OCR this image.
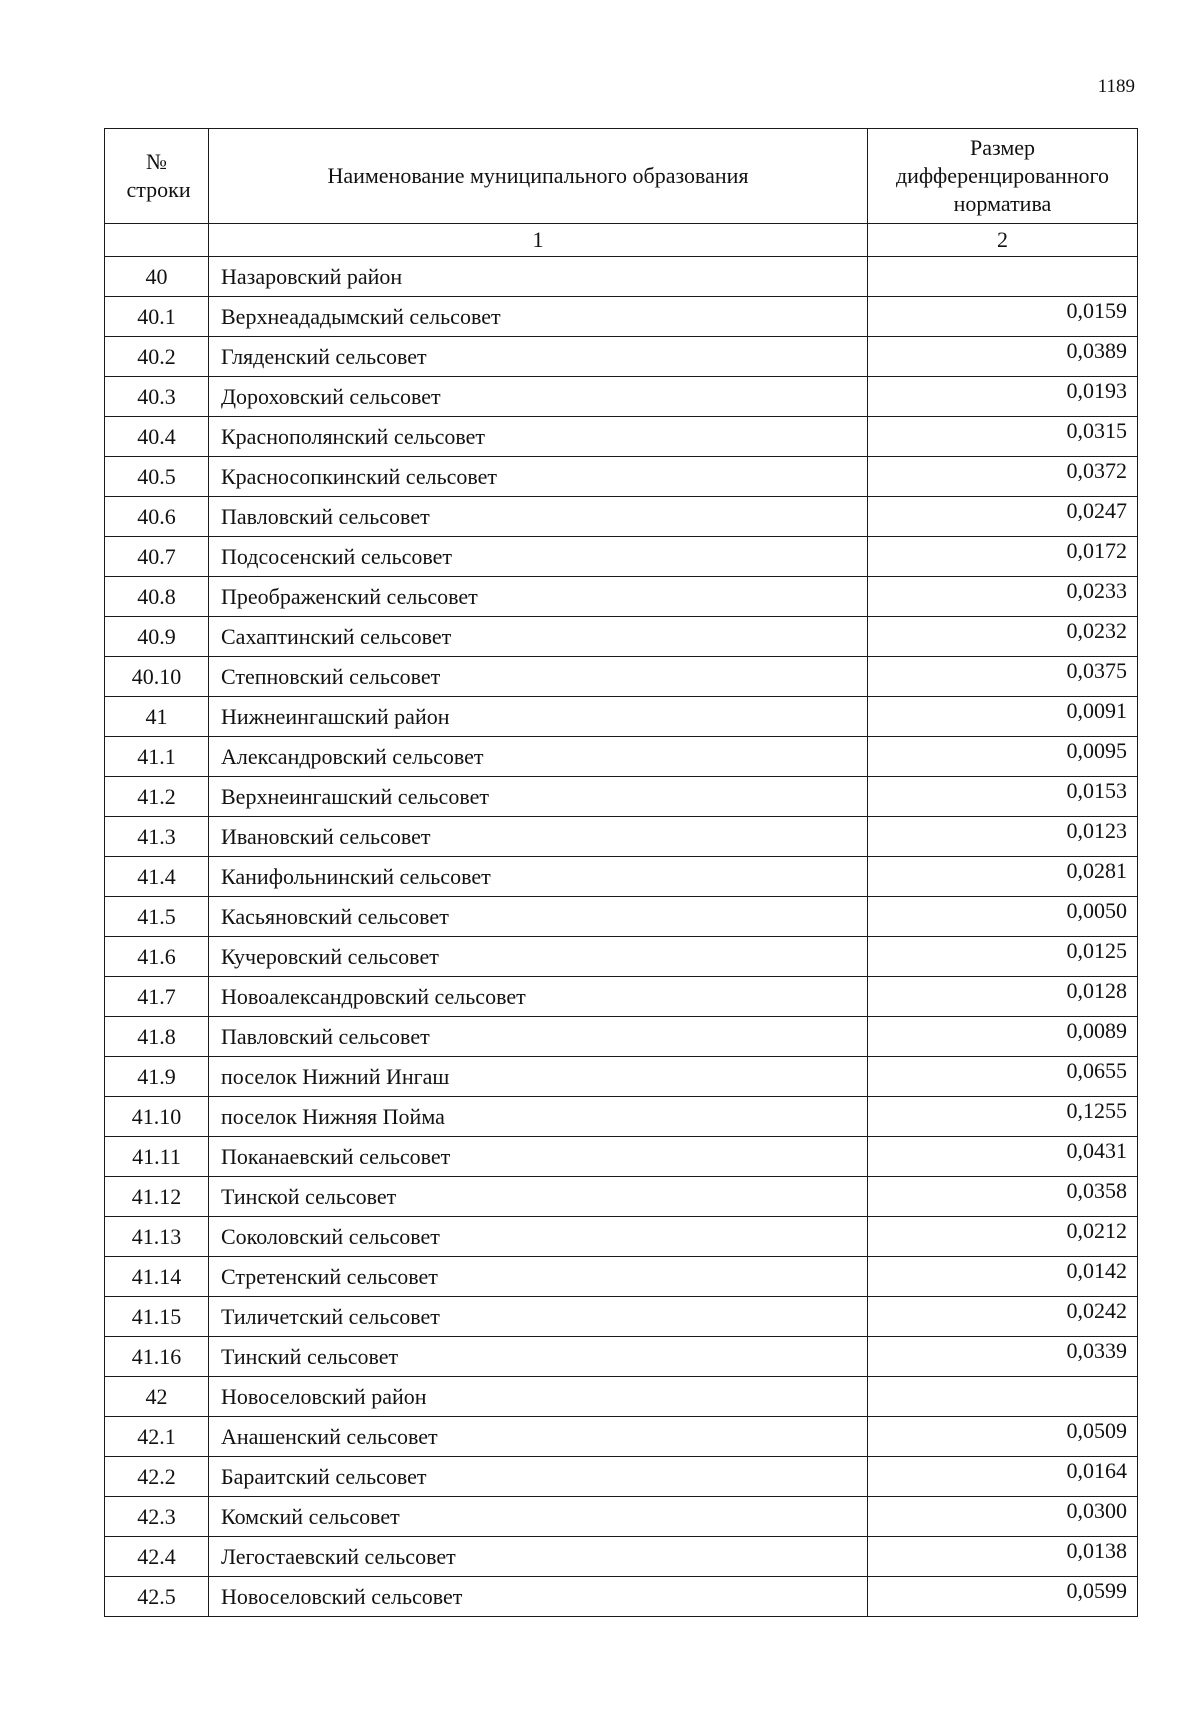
1189
№ строки	Наименование муниципального образования	Размер дифференцированного норматива

	1	2
40	Назаровский район	
40.1	Верхнеададымский сельсовет	0,0159
40.2	Гляденский сельсовет	0,0389
40.3	Дороховский сельсовет	0,0193
40.4	Краснополянский сельсовет	0,0315
40.5	Красносопкинский сельсовет	0,0372
40.6	Павловский сельсовет	0,0247
40.7	Подсосенский сельсовет	0,0172
40.8	Преображенский сельсовет	0,0233
40.9	Сахаптинский сельсовет	0,0232
40.10	Степновский сельсовет	0,0375
41	Нижнеингашский район	0,0091
41.1	Александровский сельсовет	0,0095
41.2	Верхнеингашский сельсовет	0,0153
41.3	Ивановский сельсовет	0,0123
41.4	Канифольнинский сельсовет	0,0281
41.5	Касьяновский сельсовет	0,0050
41.6	Кучеровский сельсовет	0,0125
41.7	Новоалександровский сельсовет	0,0128
41.8	Павловский сельсовет	0,0089
41.9	поселок Нижний Ингаш	0,0655
41.10	поселок Нижняя Пойма	0,1255
41.11	Поканаевский сельсовет	0,0431
41.12	Тинской сельсовет	0,0358
41.13	Соколовский сельсовет	0,0212
41.14	Стретенский сельсовет	0,0142
41.15	Тиличетский сельсовет	0,0242
41.16	Тинский сельсовет	0,0339
42	Новоселовский район	
42.1	Анашенский сельсовет	0,0509
42.2	Бараитский сельсовет	0,0164
42.3	Комский сельсовет	0,0300
42.4	Легостаевский сельсовет	0,0138
42.5	Новоселовский сельсовет	0,0599
